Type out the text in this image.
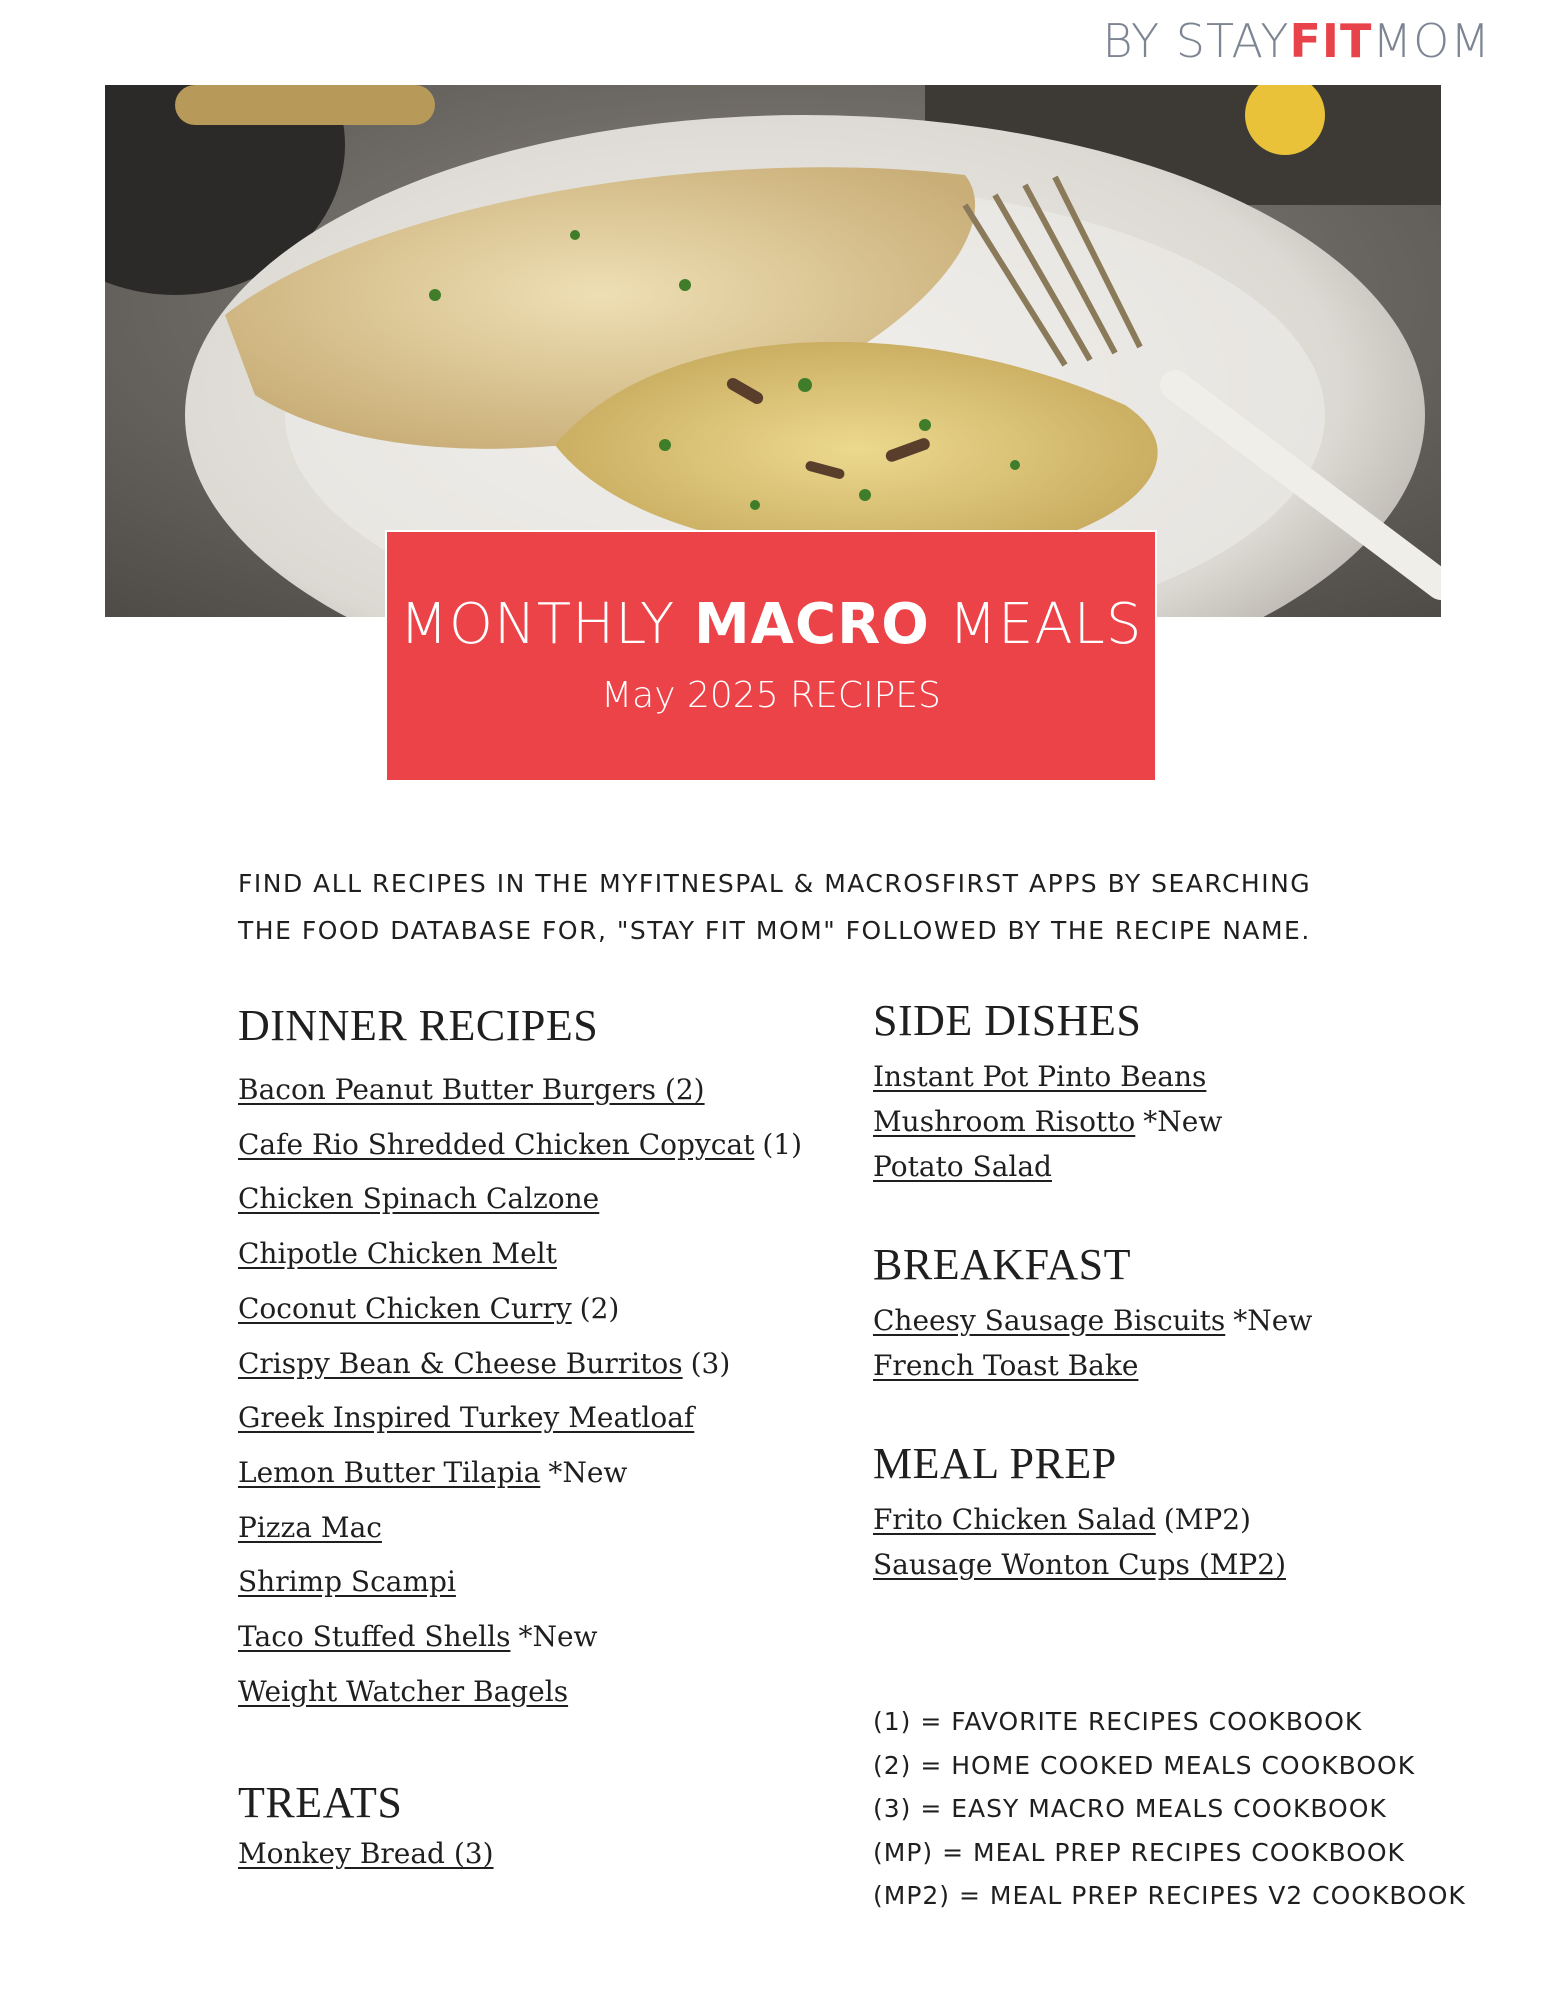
BY STAYFITMOM
MONTHLY MACRO MEALS
May 2025 RECIPES
FIND ALL RECIPES IN THE MYFITNESPAL & MACROSFIRST APPS BY SEARCHING
THE FOOD DATABASE FOR, "STAY FIT MOM" FOLLOWED BY THE RECIPE NAME.
DINNER RECIPES
Bacon Peanut Butter Burgers (2)
Cafe Rio Shredded Chicken Copycat (1)
Chicken Spinach Calzone
Chipotle Chicken Melt
Coconut Chicken Curry (2)
Crispy Bean & Cheese Burritos (3)
Greek Inspired Turkey Meatloaf
Lemon Butter Tilapia *New
Pizza Mac
Shrimp Scampi
Taco Stuffed Shells *New
Weight Watcher Bagels
TREATS
Monkey Bread (3)
SIDE DISHES
Instant Pot Pinto Beans
Mushroom Risotto *New
Potato Salad
BREAKFAST
Cheesy Sausage Biscuits *New
French Toast Bake
MEAL PREP
Frito Chicken Salad (MP2)
Sausage Wonton Cups (MP2)
(1) = FAVORITE RECIPES COOKBOOK
(2) = HOME COOKED MEALS COOKBOOK
(3) = EASY MACRO MEALS COOKBOOK
(MP) = MEAL PREP RECIPES COOKBOOK
(MP2) = MEAL PREP RECIPES V2 COOKBOOK
